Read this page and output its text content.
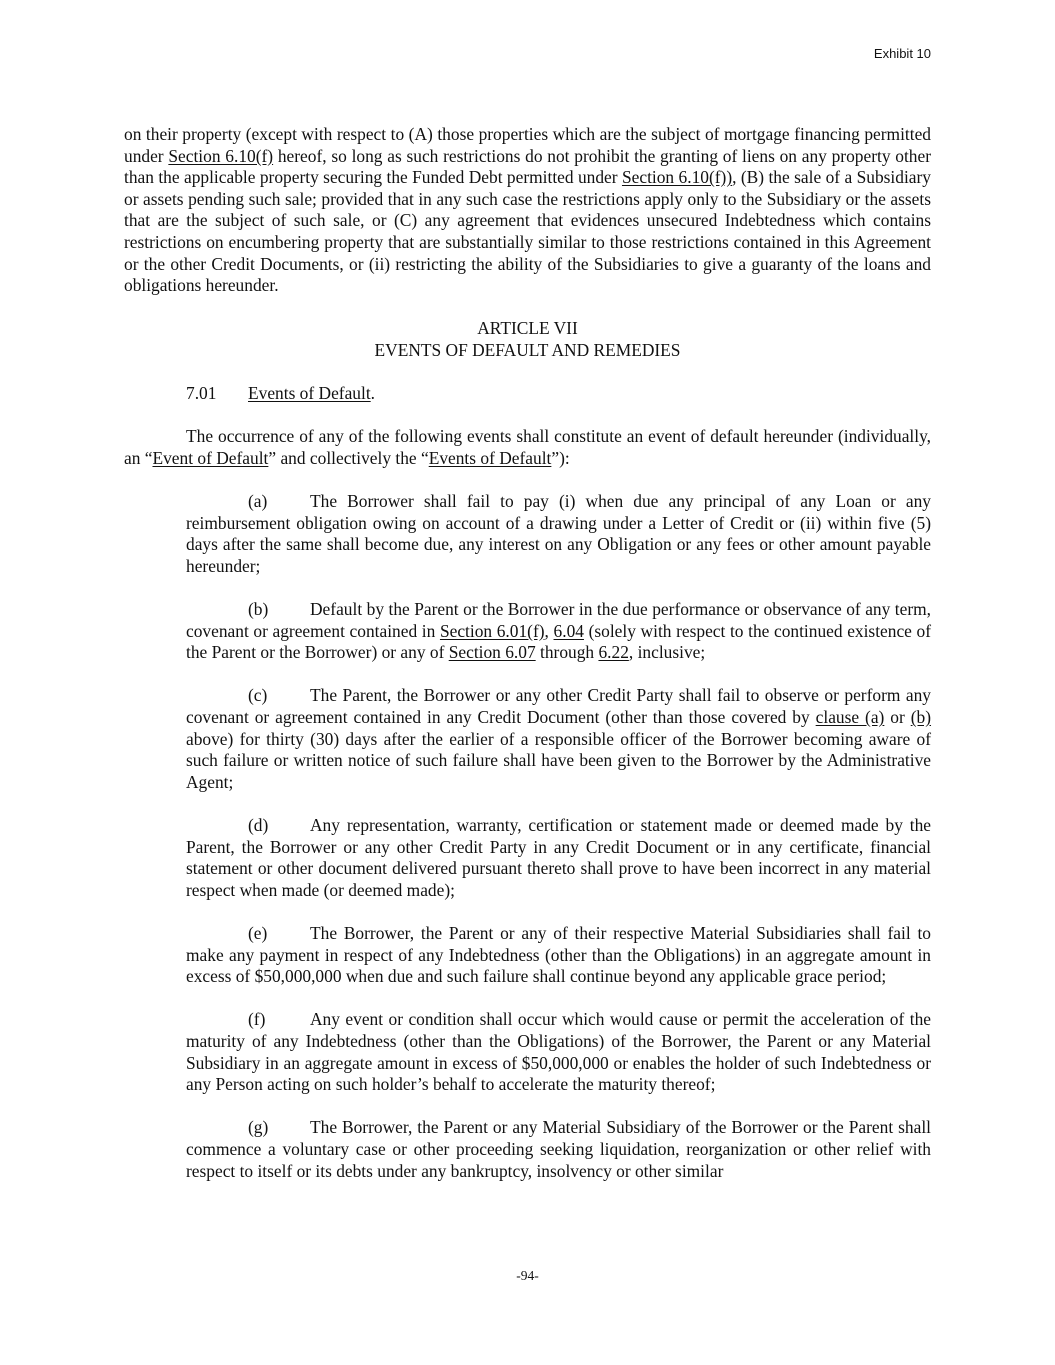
Exhibit 10

on their property (except with respect to (A) those properties which are the subject of mortgage financing permitted under Section 6.10(f) hereof, so long as such restrictions do not prohibit the granting of liens on any property other than the applicable property securing the Funded Debt permitted under Section 6.10(f)), (B) the sale of a Subsidiary or assets pending such sale; provided that in any such case the restrictions apply only to the Subsidiary or the assets that are the subject of such sale, or (C) any agreement that evidences unsecured Indebtedness which contains restrictions on encumbering property that are substantially similar to those restrictions contained in this Agreement or the other Credit Documents, or (ii) restricting the ability of the Subsidiaries to give a guaranty of the loans and obligations hereunder.

ARTICLE VII

EVENTS OF DEFAULT AND REMEDIES

7.01 Events of Default.

The occurrence of any of the following events shall constitute an event of default hereunder (individually, an “Event of Default” and collectively the “Events of Default”):

(a) The Borrower shall fail to pay (i) when due any principal of any Loan or any reimbursement obligation owing on account of a drawing under a Letter of Credit or (ii) within five (5) days after the same shall become due, any interest on any Obligation or any fees or other amount payable hereunder;

(b) Default by the Parent or the Borrower in the due performance or observance of any term, covenant or agreement contained in Section 6.01(f), 6.04 (solely with respect to the continued existence of the Parent or the Borrower) or any of Section 6.07 through 6.22, inclusive;

(c) The Parent, the Borrower or any other Credit Party shall fail to observe or perform any covenant or agreement contained in any Credit Document (other than those covered by clause (a) or (b) above) for thirty (30) days after the earlier of a responsible officer of the Borrower becoming aware of such failure or written notice of such failure shall have been given to the Borrower by the Administrative Agent;

(d) Any representation, warranty, certification or statement made or deemed made by the Parent, the Borrower or any other Credit Party in any Credit Document or in any certificate, financial statement or other document delivered pursuant thereto shall prove to have been incorrect in any material respect when made (or deemed made);

(e) The Borrower, the Parent or any of their respective Material Subsidiaries shall fail to make any payment in respect of any Indebtedness (other than the Obligations) in an aggregate amount in excess of $50,000,000 when due and such failure shall continue beyond any applicable grace period;

(f)	Any event or condition shall occur which would cause or permit the acceleration of the maturity of any Indebtedness (other than the Obligations) of the Borrower, the Parent or any Material Subsidiary in an aggregate amount in excess of $50,000,000 or enables the holder of such Indebtedness or any Person acting on such holder’s behalf to accelerate the maturity thereof;

(g) The Borrower, the Parent or any Material Subsidiary of the Borrower or the Parent shall commence a voluntary case or other proceeding seeking liquidation, reorganization or other relief with respect to itself or its debts under any bankruptcy, insolvency or other similar

-94-
